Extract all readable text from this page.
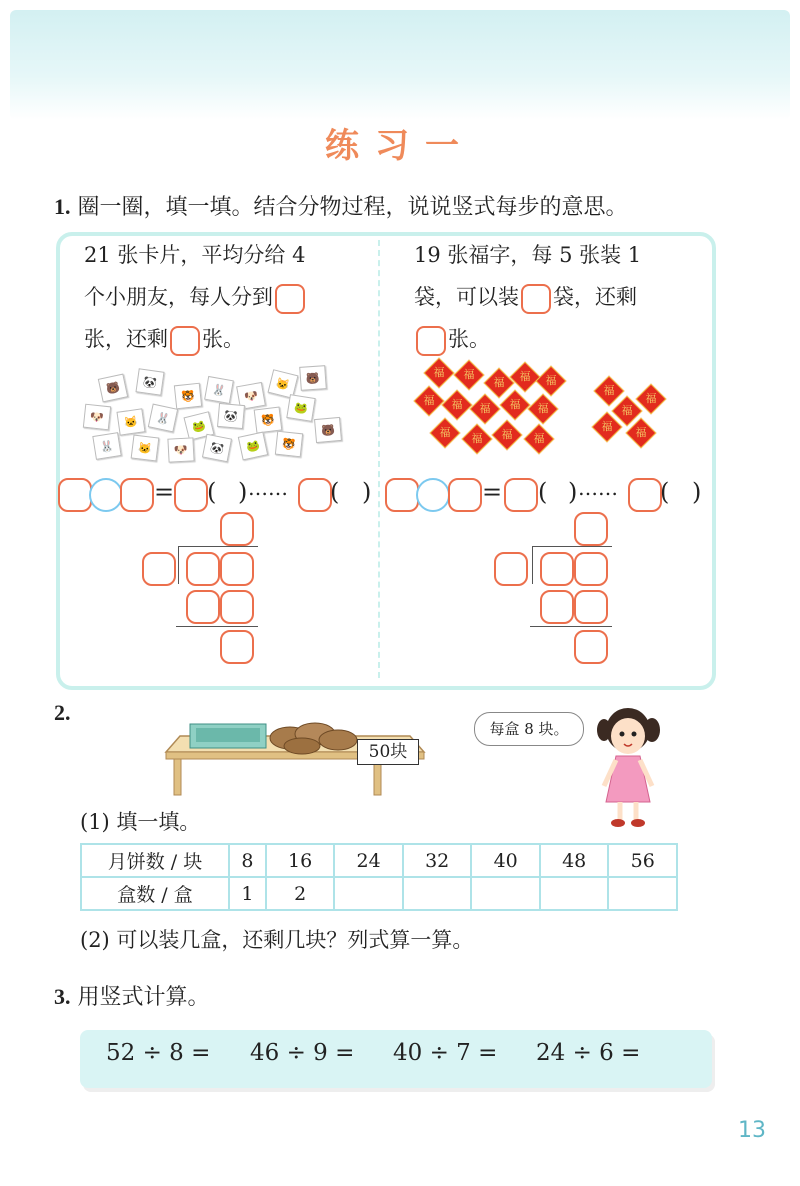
练习一
1. 圈一圈，填一填。结合分物过程，说说竖式每步的意思。
21 张卡片，平均分给 4
个小朋友，每人分到
张，还剩 张。
19 张福字，每 5 张装 1
袋，可以装 袋，还剩
张。
🐻	🐼
🐯	🐰	🐶
🐱	🐻
🐶	🐱	🐰
🐸
🐼	🐯
🐸
🐻
🐰	🐱	🐶	🐼	🐸	🐯
福	福
福	福	福
福	福	福	福	福
福	福	福	福
福
福
福
福	福
= ( ) …… ( )	= ( ) …… ( )
2.
50块
每盒 8 块。
(1) 填一填。
月饼数 / 块	8	16	24	32	40	48	56
盒数 / 盒	1	2					
(2) 可以装几盒，还剩几块？列式算一算。
3. 用竖式计算。
52 ÷ 8 = 46 ÷ 9 = 40 ÷ 7 = 24 ÷ 6 =
13
